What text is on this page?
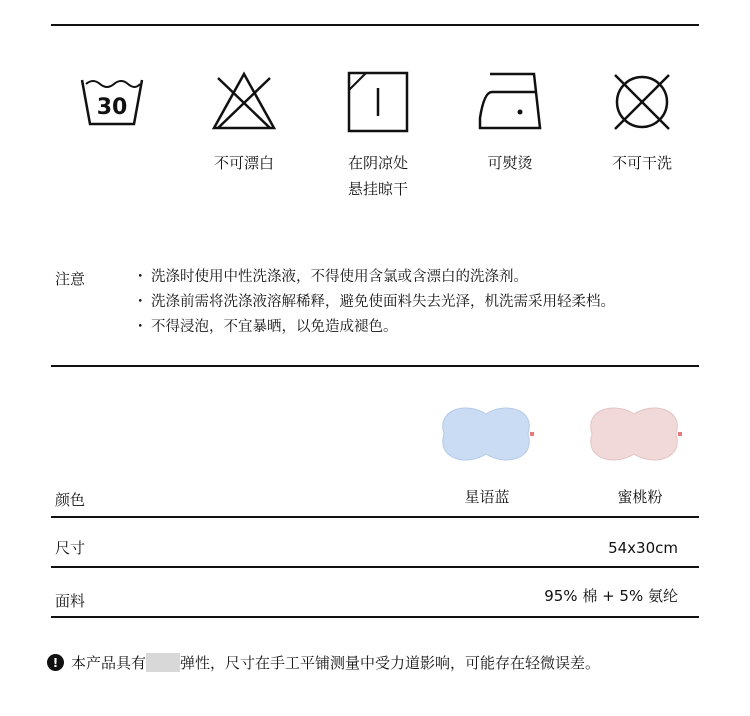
30
不可漂白	在阴凉处
悬挂晾干
可熨烫	不可干洗
注意
・	洗涤时使用中性洗涤液，不得使用含氯或含漂白的洗涤剂。
・ 洗涤前需将洗涤液溶解稀释，避免使面料失去光泽，机洗需采用轻柔档。
・ 不得浸泡，不宜暴晒，以免造成褪色。
颜色	星语蓝	蜜桃粉
尺寸	54x30cm
面料	95% 棉 + 5% 氨纶
! 本产品具有 弹性，尺寸在手工平铺测量中受力道影响，可能存在轻微误差。
